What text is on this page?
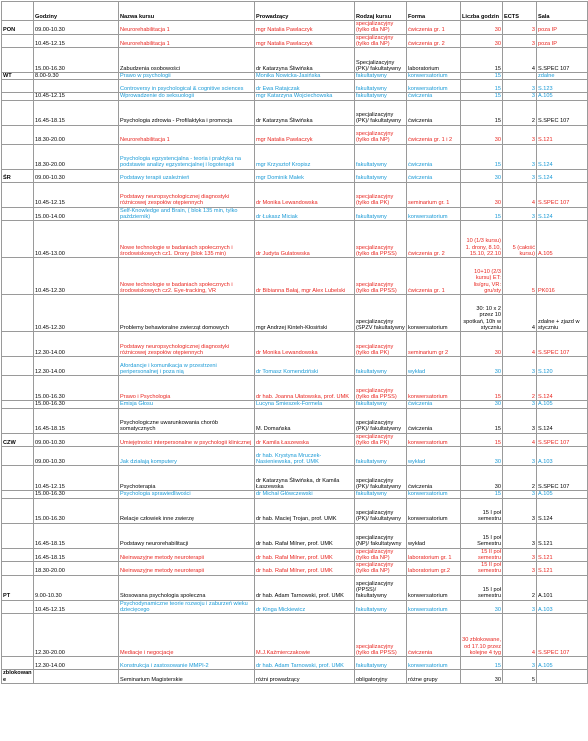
	Godziny	Nazwa kursu	Prowadzący	Rodzaj kursu	Forma	Liczba godzin	ECTS	Sala
PON	09.00-10.30	Neurorehabilitacja 1	mgr Natalia Pawlaczyk	specjalizacyjny (tylko dla NP)	ćwiczenia gr. 1	30	3	poza IP
	10.45-12.15	Neurorehabilitacja 1	mgr Natalia Pawlaczyk	specjalizacyjny (tylko dla NP)	ćwiczenia gr. 2	30	3	poza IP
	15.00-16.30	Zabudzenia osobowości	dr Katarzyna Śliwińska	Specjalizacyjny (PK)/ fakultatywny	laboratorium	15	4	S.SPEC 107
WT	8.00-9.30	Prawo w psychologii	Monika Nowicka-Jasińska	fakultatywny	konwersatorium	15		zdalne
		Controversy in psychological & cognitive sciences	dr Ewa Ratajczak	fakultatywny	konwersatorium	15	3	S.123
	10.45-12.15	Wprowadzenie do seksuologii	mgr Katarzyna Wojciechowska	fakultatywny	ćwiczenia	15	3	A.105
	16.45-18.15	Psychologia zdrowia - Profilaktyka i promocja	dr Katarzyna Śliwińska	specjalizacyjny (PK)/ fakultatywny	ćwiczenia	15	2	S.SPEC 107
	18.30-20.00	Neurorehabilitacja 1	mgr Natalia Pawlaczyk	specjalizacyjny (tylko dla NP)	ćwiczenia gr. 1 i 2	30	3	S.121
	18.30-20.00	Psychologia egzystencjalna - teoria i praktyka na podstawie analizy egzystencjalnej i logoterapii	mgr Krzysztof Kropisz	fakultatywny	ćwiczenia	15	3	S.124
ŚR	09.00-10.30	Podstawy terapii uzależnień	mgr Dominik Małek	fakultatywny	ćwiczenia	30	3	S.124
	10.45-12.15	Podstawy neuropsychologicznej diagnostyki różnicowej zespołów otępiennych	dr Monika Lewandowska	specjalizacyjny (tylko dla PK)	seminarium gr. 1	30	4	S.SPEC 107
	15.00-14.00	Self-Knowledge and Brain, ( blok 135 min, tylko październik)	dr Łukasz Miciak	fakultatywny	konwersatorium	15	3	S.124
	10.45-13.00	Nowe technologie w badaniach społecznych i środowiskowych cz1. Drony (blok 135 min)	dr Judyta Gulatowska	specjalizacyjny (tylko dla PPSS)	ćwiczenia gr. 2	10 (1/3 kursu) 1. drony, 8.10, 15.10, 22.10	5 (całość kursu)	A.105
	10.45-12.30	Nowe technologie w badaniach społecznych i środowiskowych cz2. Eye-tracking, VR	dr Bibianna Bałaj, mgr Alex Lubelski	specjalizacyjny (tylko dla PPSS)	ćwiczenia gr. 1	10+10 (2/3 kursu) ET: lis/gru, VR: gru/sty	5	PK016
	10.45-12.30	Problemy behawioralne zwierząt domowych	mgr Andrzej Kinteh-Kłosiński	specjalizacyjny (SPZV fakultatywny	konwersatorium	30: 10 x 2 przez 10 spotkań, 10h w styczniu	4	zdalne + zjazd w styczniu
	12.30-14.00	Podstawy neuropsychologicznej diagnostyki różnicowej zespołów otępiennych	dr Monika Lewandowska	specjalizacyjny (tylko dla PK)	seminarium gr 2	30	4	S.SPEC 107
	12.30-14.00	Afordancje i komunikacja w przestrzeni peripersonalnej i poza nią	dr Tomasz Komendziński	fakultatywny	wykład	30	3	S.120
	15.00-16.30	Prawo i Psychologia	dr hab. Joanna Ułatowska, prof. UMK	specjalizacyjny (tylko dla PPSS)	konwersatorium	15	2	S.124
	15.00-16.30	Emisja Głosu	Lucyna Śmieszek-Formela	fakultatywny	ćwiczenia	30	3	A.105
	16.45-18.15	Psychologiczne uwarunkowania chorób somatycznych	M. Domańska	specjalizacyjny (PK)/ fakultatywny	ćwiczenia	15	3	S.124
CZW	09.00-10.30	Umiejętności interpersonalne w psychologii klinicznej	dr Kamila Łaszewska	specjalizacyjny (tylko dla PK)	konwersatorium	15	4	S.SPEC 107
	09.00-10.30	Jak działają komputery	dr hab. Krystyna Mruczek-Nasieniewska, prof. UMK	fakultatywny	wykład	30	3	A.103
	10.45-12.15	Psychoterapia	dr Katarzyna Śliwińska, dr Kamila Łaszewska	specjalizacyjny (PK)/ fakultatywny	ćwiczenia	30	2	S.SPEC 107
	15.00-16.30	Psychologia sprawiedliwości	dr Michał Główczewski	fakultatywny	konwersatorium	15	3	A.105
	15.00-16.30	Relacje człowiek inne zwierzę	dr hab. Maciej Trojan, prof. UMK	specjalizacyjny (PK)/ fakultatywny	konwersatorium	15 I poł semestru	3	S.124
	16.45-18.15	Podstawy neurorehabilitacji	dr hab. Rafał Milner, prof. UMK	specjalizacyjny (NP)/ fakultatywny	wykład	15 I poł Semestru	3	S.121
	16.45-18.15	Nieinwazyjne metody neuroterapii	dr hab. Rafał Milner, prof. UMK	specjalizacyjny (tylko dla NP)	laboratorium gr. 1	15 II poł semestru	3	S.121
	18.30-20.00	Nieinwazyjne metody neuroterapii	dr hab. Rafał Milner, prof. UMK	specjalizacyjny (tylko dla NP)	laboratorium gr.2	15 II poł semestru	3	S.121
PT	9.00-10.30	Stosowana psychologia społeczna	dr hab. Adam Tarnowski, prof. UMK	specjalizacyjny (PPSS)/ fakultatywny	konwersatorium	15 I poł semestru	2	A.101
	10.45-12.15	Psychodynamiczne teorie rozwoju i zaburzeń wieku dziecięcego	dr Kinga Mickiewicz	fakultatywny	konwersatorium	30	3	A.103
	12.30-20.00	Mediacje i negocjacje	M.J.Kaźmierczakowie	specjalizacyjny (tylko dla PPSS)	ćwiczenia	30 zblokowane, od 17.10 przez kolejne 4 tyg	4	S.SPEC 107
	12.30-14.00	Konstrukcja i zastosowanie MMPI-2	dr hab. Adam Tarnowski, prof. UMK	fakultatywny	konwersatorium	15	3	A.105
zblokowane		Seminarium Magisterskie	różni prowadzący	obligatoryjny	różne grupy	30	5	
